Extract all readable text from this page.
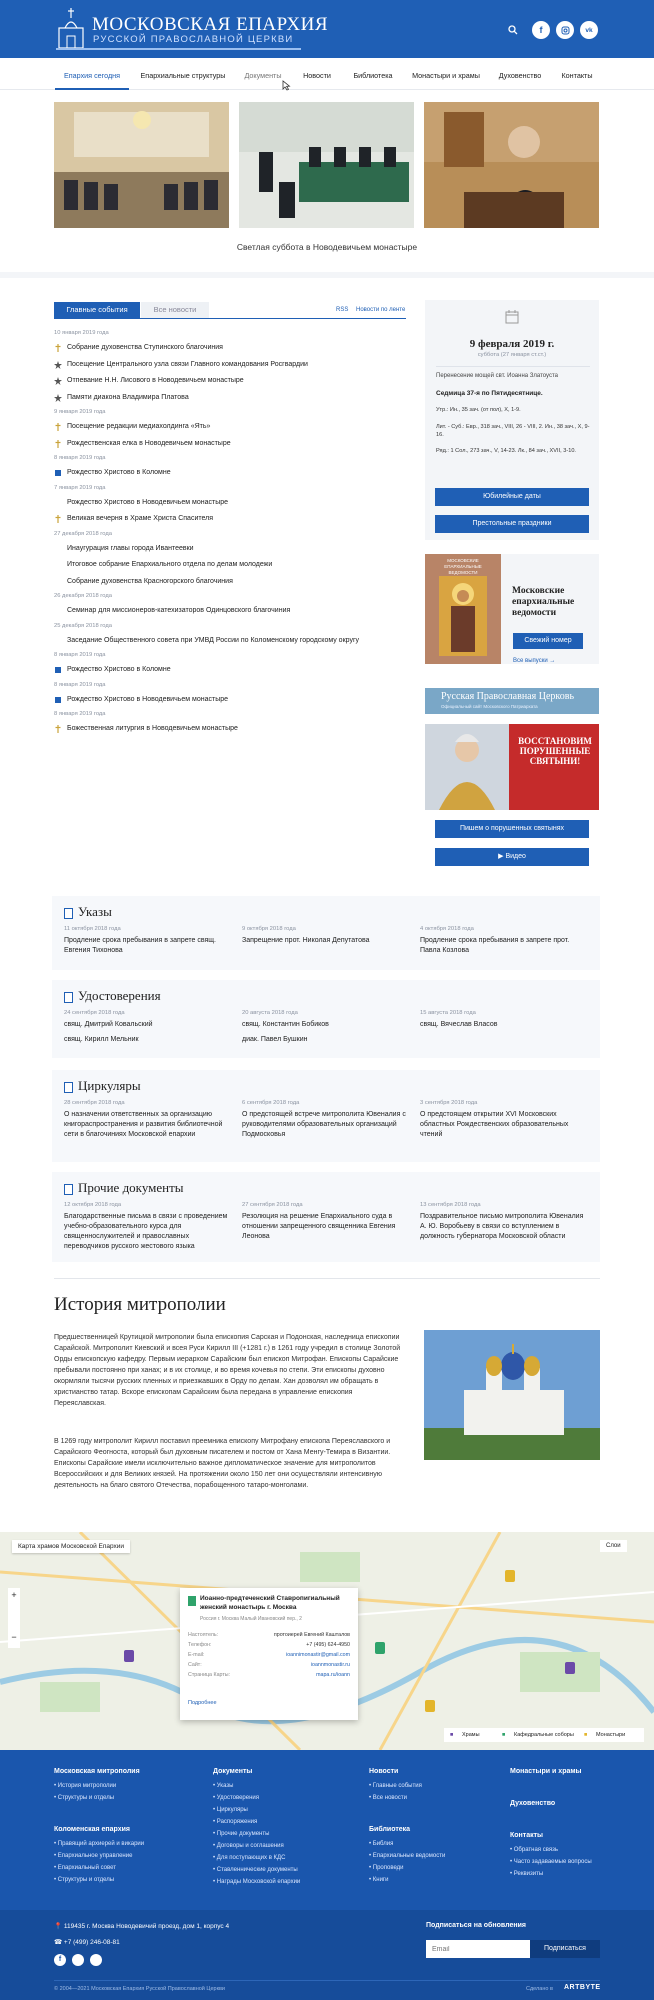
МОСКОВСКАЯ ЕПАРХИЯ
РУССКОЙ ПРАВОСЛАВНОЙ ЦЕРКВИ
f	vk
Епархия сегодня	Епархиальные структуры	Документы	Новости	Библиотека	Монастыри и храмы	Духовенство	Контакты
Светлая суббота в Новодевичьем монастыре
Главные события	Все новости	RSS Новости по ленте
10 января 2019 года
Собрание духовенства Ступинского благочиния
Посещение Центрального узла связи Главного командования Росгвардии
Отпевание Н.Н. Лисового в Новодевичьем монастыре
Памяти диакона Владимира Платова
9 января 2019 года
Посещение редакции медиахолдинга «Ять»
Рождественская елка в Новодевичьем монастыре
8 января 2019 года
Рождество Христово в Коломне
7 января 2019 года
Рождество Христово в Новодевичьем монастыре
Великая вечерня в Храме Христа Спасителя
27 декабря 2018 года
Инаугурация главы города Ивантеевки
Итоговое собрание Епархиального отдела по делам молодежи
Собрание духовенства Красногорского благочиния
26 декабря 2018 года
Семинар для миссионеров-катехизаторов Одинцовского благочиния
25 декабря 2018 года
Заседание Общественного совета при УМВД России по Коломенскому городскому округу
8 января 2019 года
Рождество Христово в Коломне
8 января 2019 года
Рождество Христово в Новодевичьем монастыре
8 января 2019 года
Божественная литургия в Новодевичьем монастыре
9 февраля 2019 г.
суббота (27 января ст.ст.)
Перенесение мощей свт. Иоанна Златоуста
Седмица 37-я по Пятидесятнице.
Утр.: Ин., 35 зач. (от пол), Х, 1-9.
Лит. - Суб.: Евр., 318 зач., VIII, 26 - VIII, 2. Ин., 38 зач., Х, 9-16.
Ряд.: 1 Сол., 273 зач., V, 14-23. Лк., 84 зач., XVII, 3-10.
Юбилейные даты
Престольные праздники
МОСКОВСКИЕ ЕПАРХИАЛЬНЫЕ ВЕДОМОСТИ
Московские епархиальные ведомости
Свежий номер
Все выпуски →
Русская Православная Церковь
Официальный сайт Московского Патриархата
ВОССТАНОВИМ ПОРУШЕННЫЕ СВЯТЫНИ!
Пишем о порушенных святынях
▶ Видео
Указы
11 октября 2018 года
Продление срока пребывания в запрете свящ. Евгения Тихонова
9 октября 2018 года
Запрещение прот. Николая Депутатова
4 октября 2018 года
Продление срока пребывания в запрете прот. Павла Козлова
Удостоверения
24 сентября 2018 года
свящ. Дмитрий Ковальский
свящ. Кирилл Мельник
20 августа 2018 года
свящ. Константин Бобиков
диак. Павел Бушкин
15 августа 2018 года
свящ. Вячеслав Власов
Циркуляры
28 сентября 2018 года
О назначении ответственных за организацию книгораспространения и развития библиотечной сети в благочиниях Московской епархии
6 сентября 2018 года
О предстоящей встрече митрополита Ювеналия с руководителями образовательных организаций Подмосковья
3 сентября 2018 года
О предстоящем открытии XVI Московских областных Рождественских образовательных чтений
Прочие документы
12 октября 2018 года
Благодарственные письма в связи с проведением учебно-образовательного курса для священнослужителей и православных переводчиков русского жестового языка
27 сентября 2018 года
Резолюция на решение Епархиального суда в отношении запрещенного священника Евгения Леонова
13 сентября 2018 года
Поздравительное письмо митрополита Ювеналия А. Ю. Воробьеву в связи со вступлением в должность губернатора Московской области
История митрополии
Предшественницей Крутицкой митрополии была епископия Сарская и Подонская, наследница епископии Сарайской. Митрополит Киевский и всея Руси Кирилл III (+1281 г.) в 1261 году учредил в столице Золотой Орды епископскую кафедру. Первым иерархом Сарайским был епископ Митрофан. Епископы Сарайские пребывали постоянно при ханах; и в их столице, и во время кочевья по степи. Эти епископы духовно окормляли тысячи русских пленных и приезжавших в Орду по делам. Хан дозволял им обращать в христианство татар. Вскоре епископам Сарайским была передана в управление епископия Переяславская.
В 1269 году митрополит Кирилл поставил преемника епископу Митрофану епископа Переяславского и Сарайского Феогноста, который был духовным писателем и постом от Хана Менгу-Темира в Византии. Епископы Сарайские имели исключительно важное дипломатическое значение для митрополитов Всероссийских и для Великих князей. На протяжении около 150 лет они осуществляли интенсивную деятельность на благо святого Отечества, порабощенного татаро-монголами.
Карта храмов Московской Епархии	Слои
+
−
Иоанно-предтеченский Ставропигиальный женский монастырь г. Москва
Россия г. Москва Малый Ивановский пер., 2
Настоятель:	протоиерей Евгений Кашталов
Телефон:	+7 (495) 624-4950
E-mail:	ioannimonastir@gmail.com
Сайт:	ioannmonastir.ru
Страница Карты:	mapa.ru/ioann
Подробнее
■ Храмы	■ Кафедральные соборы ■ Монастыри
Московская митрополия
• История митрополии
• Структуры и отделы
Коломенская епархия
• Правящий архиерей и викарии
• Епархиальное управление
• Епархиальный совет
• Структуры и отделы
Документы
• Указы
• Удостоверения
• Циркуляры
• Распоряжения
• Прочие документы
• Договоры и соглашения
• Для поступающих в КДС
• Ставленнические документы
• Награды Московской епархии
Новости
• Главные события
• Все новости
Библиотека
• Библия
• Епархиальные ведомости
• Проповеди
• Книги
Монастыри и храмы
Духовенство
Контакты
• Обратная связь
• Часто задаваемые вопросы
• Реквизиты
📍 119435 г. Москва Новодевичий проезд, дом 1, корпус 4
☎ +7 (499) 246-08-81
f
Подписаться на обновления
Email
Подписаться
© 2004—2021 Московская Епархия Русской Православной Церкви	Сделано в ARTBYTE
